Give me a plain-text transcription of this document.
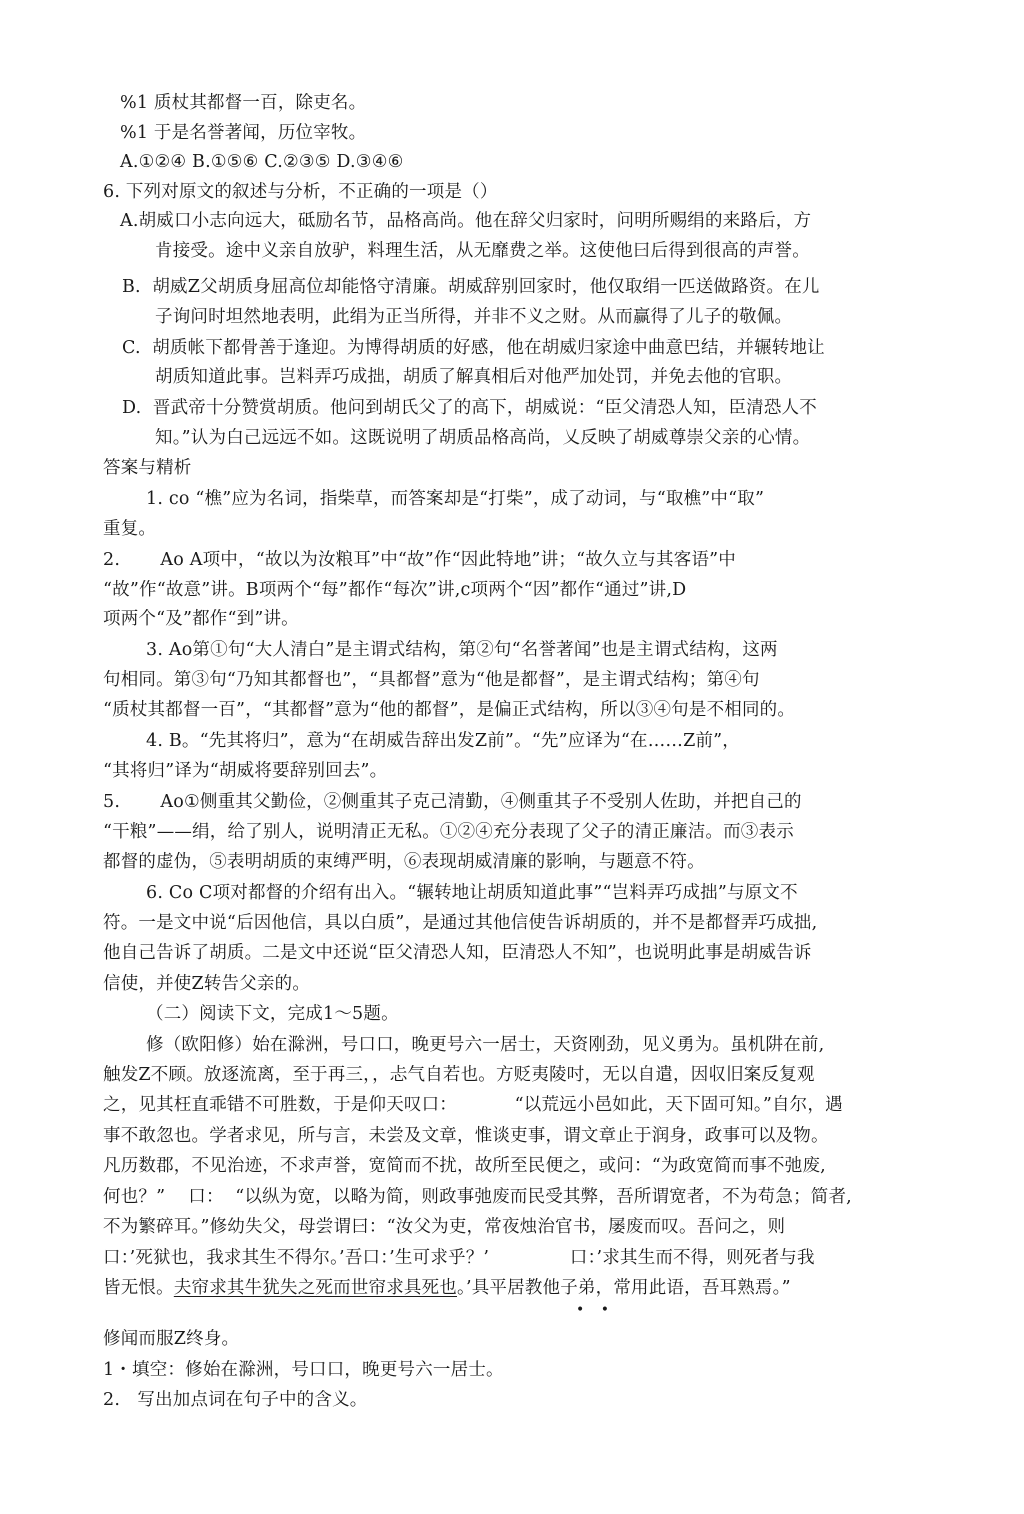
%1 质杖其都督一百，除吏名。
%1 于是名誉著闻，历位宰牧。
A.①②④ B.①⑤⑥ C.②③⑤ D.③④⑥
6. 下列对原文的叙述与分析，不正确的一项是（）
A.胡威口小志向远大，砥励名节，品格高尚。他在辞父归家时，问明所赐绢的来路后，方
肯接受。途中义亲自放驴，料理生活，从无靡费之举。这使他曰后得到很高的声誉。
B.  胡威Z父胡质身屈高位却能恪守清廉。胡威辞别回家时，他仅取绢一匹送做路资。在儿
子询问时坦然地表明，此绢为正当所得，并非不义之财。从而赢得了儿子的敬佩。
C.  胡质帐下都骨善于逢迎。为博得胡质的好感，他在胡威归家途中曲意巴结，并辗转地让
胡质知道此事。岂料弄巧成拙，胡质了解真相后对他严加处罚，并免去他的官职。
D.  晋武帝十分赞赏胡质。他问到胡氏父了的高下，胡威说：“臣父清恐人知，臣清恐人不
知。”认为白己远远不如。这既说明了胡质品格高尚，乂反映了胡威尊崇父亲的心情。
答案与精析
1. co “樵”应为名词，指柴草，而答案却是“打柴”，成了动词，与“取樵”中“取”
重复。
2.       Ao A项中，“故以为汝粮耳”中“故”作“因此特地”讲；“故久立与其客语”中
“故”作“故意”讲。B项两个“每”都作“每次”讲,c项两个“因”都作“通过”讲,D
项两个“及”都作“到”讲。
3. Ao第①句“大人清白”是主谓式结构，第②句“名誉著闻”也是主谓式结构，这两
句相同。第③句“乃知其都督也”，“具都督”意为“他是都督”，是主谓式结构；第④句
“质杖其都督一百”，“其都督”意为“他的都督”，是偏正式结构，所以③④句是不相同的。
4. B。“先其将归”，意为“在胡威告辞出发Z前”。“先”应译为“在……Z前”，
“其将归”译为“胡威将要辞别回去”。
5.       Ao①侧重其父勤俭，②侧重其子克己清勤，④侧重其子不受别人佐助，并把自己的
“干粮”——绢，给了别人，说明清正无私。①②④充分表现了父子的清正廉洁。而③表示
都督的虚伪，⑤表明胡质的束缚严明，⑥表现胡威清廉的影响，与题意不符。
6. Co C项对都督的介绍有出入。“辗转地让胡质知道此事”“岂料弄巧成拙”与原文不
符。一是文中说“后因他信，具以白质”，是通过其他信使告诉胡质的，并不是都督弄巧成拙,
他自己告诉了胡质。二是文中还说“臣父清恐人知，臣清恐人不知”，也说明此事是胡威告诉
信使，并使Z转告父亲的。
（二）阅读下文，完成1～5题。
修（欧阳修）始在滁洲，号口口，晚更号六一居士，天资刚劲，见义勇为。虽机阱在前,
触发Z不顾。放逐流离，至于再三，，忐气自若也。方贬夷陵吋，无以自遣，因収旧案反复观
之，见其枉直乖错不可胜数，于是仰天叹口：          “以荒远小邑如此，天下固可知。”自尔，遇
事不敢忽也。学者求见，所与言，未尝及文章，惟谈吏事，谓文章止于润身，政事可以及物。
凡历数郡，不见治迹，不求声誉，宽简而不扰，故所至民便之，或问：“为政宽简而事不弛废,
何也？”    口：  “以纵为宽，以略为简，则政事弛废而民受其弊，吾所谓宽者，不为苟急；简者,
不为繁碎耳。”修幼失父，母尝谓曰：“汝父为吏，常夜烛治官书，屡废而叹。吾问之，则
口：’死狱也，我求其生不得尔。’吾口：’生可求乎？’              口：’求其生而不得，则死者与我
皆无恨。夫帘求其牛犹失之死而世帘求具死也。’具平居教他子弟，常用此语，吾耳熟焉。”
• •
修闻而服Z终身。
1・填空：修始在滁洲，号口口，晚更号六一居士。
2.   写出加点词在句子中的含义。
